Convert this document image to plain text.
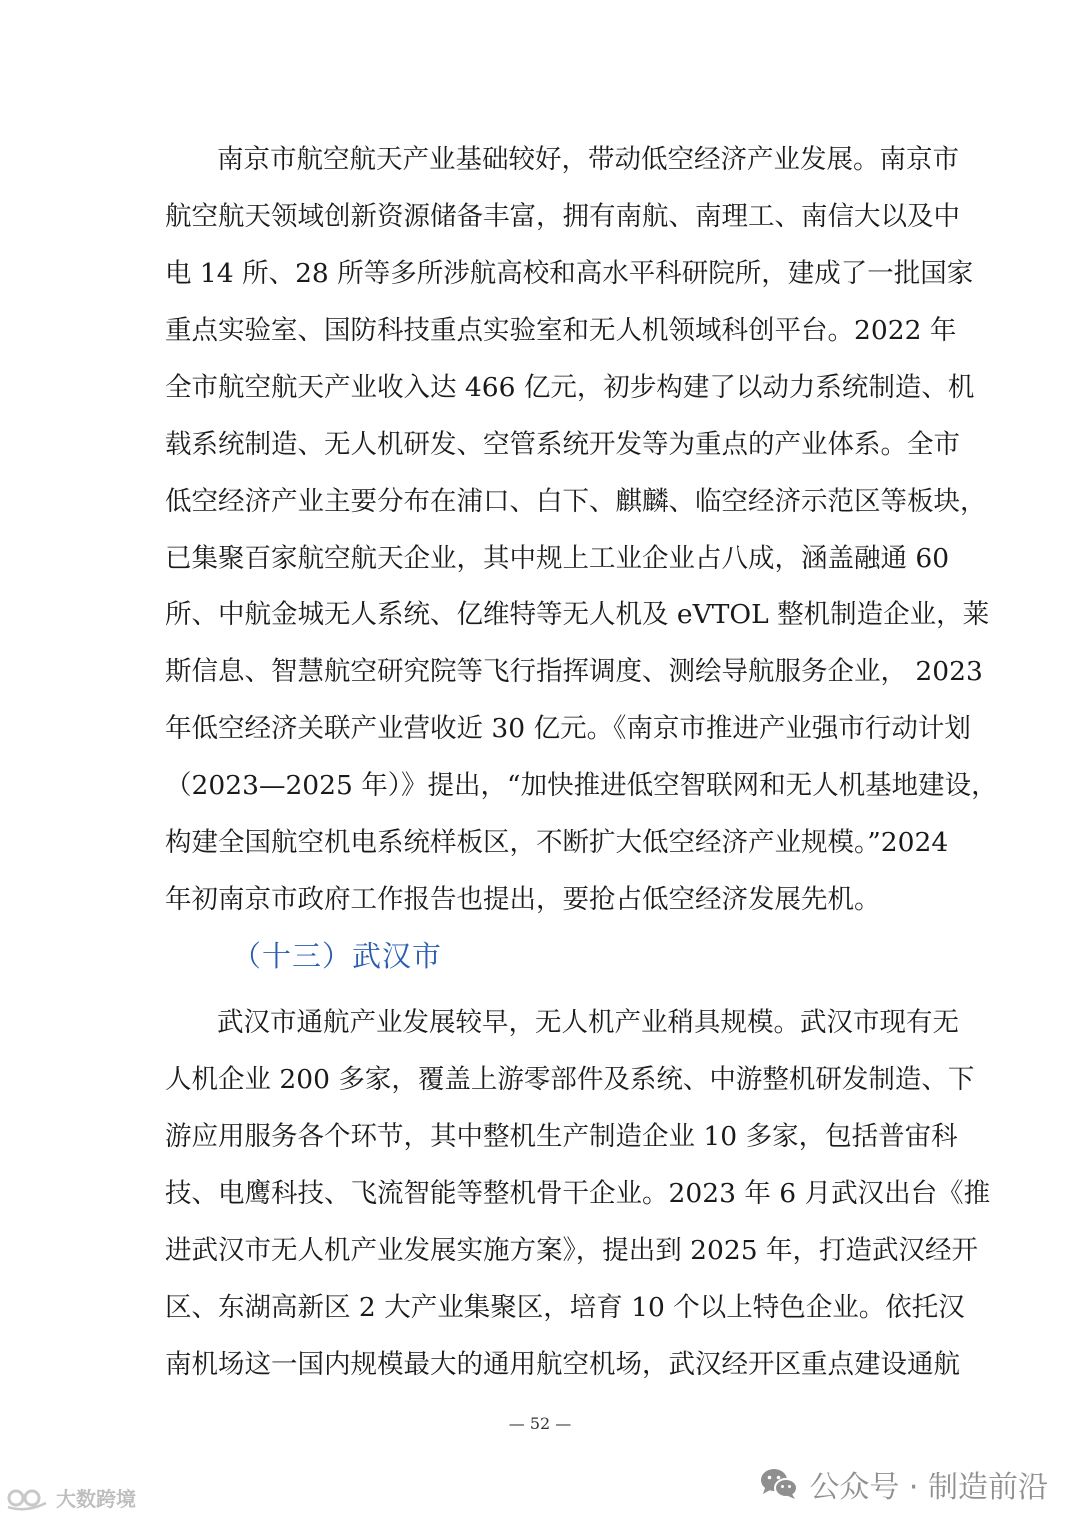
南京市航空航天产业基础较好，带动低空经济产业发展。南京市
航空航天领域创新资源储备丰富，拥有南航、南理工、南信大以及中
电 14 所、28 所等多所涉航高校和高水平科研院所，建成了一批国家
重点实验室、国防科技重点实验室和无人机领域科创平台。2022 年
全市航空航天产业收入达 466 亿元，初步构建了以动力系统制造、机
载系统制造、无人机研发、空管系统开发等为重点的产业体系。全市
低空经济产业主要分布在浦口、白下、麒麟、临空经济示范区等板块，
已集聚百家航空航天企业，其中规上工业企业占八成，涵盖融通 60
所、中航金城无人系统、亿维特等无人机及 eVTOL 整机制造企业，莱
斯信息、智慧航空研究院等飞行指挥调度、测绘导航服务企业， 2023
年低空经济关联产业营收近 30 亿元。《南京市推进产业强市行动计划
（2023—2025 年）》提出，“加快推进低空智联网和无人机基地建设，
构建全国航空机电系统样板区，不断扩大低空经济产业规模。”2024
年初南京市政府工作报告也提出，要抢占低空经济发展先机。
（十三）武汉市
武汉市通航产业发展较早，无人机产业稍具规模。武汉市现有无
人机企业 200 多家，覆盖上游零部件及系统、中游整机研发制造、下
游应用服务各个环节，其中整机生产制造企业 10 多家，包括普宙科
技、电鹰科技、飞流智能等整机骨干企业。2023 年 6 月武汉出台《推
进武汉市无人机产业发展实施方案》，提出到 2025 年，打造武汉经开
区、东湖高新区 2 大产业集聚区，培育 10 个以上特色企业。依托汉
南机场这一国内规模最大的通用航空机场，武汉经开区重点建设通航
— 52 —
大数跨境	公众号 · 制造前沿
